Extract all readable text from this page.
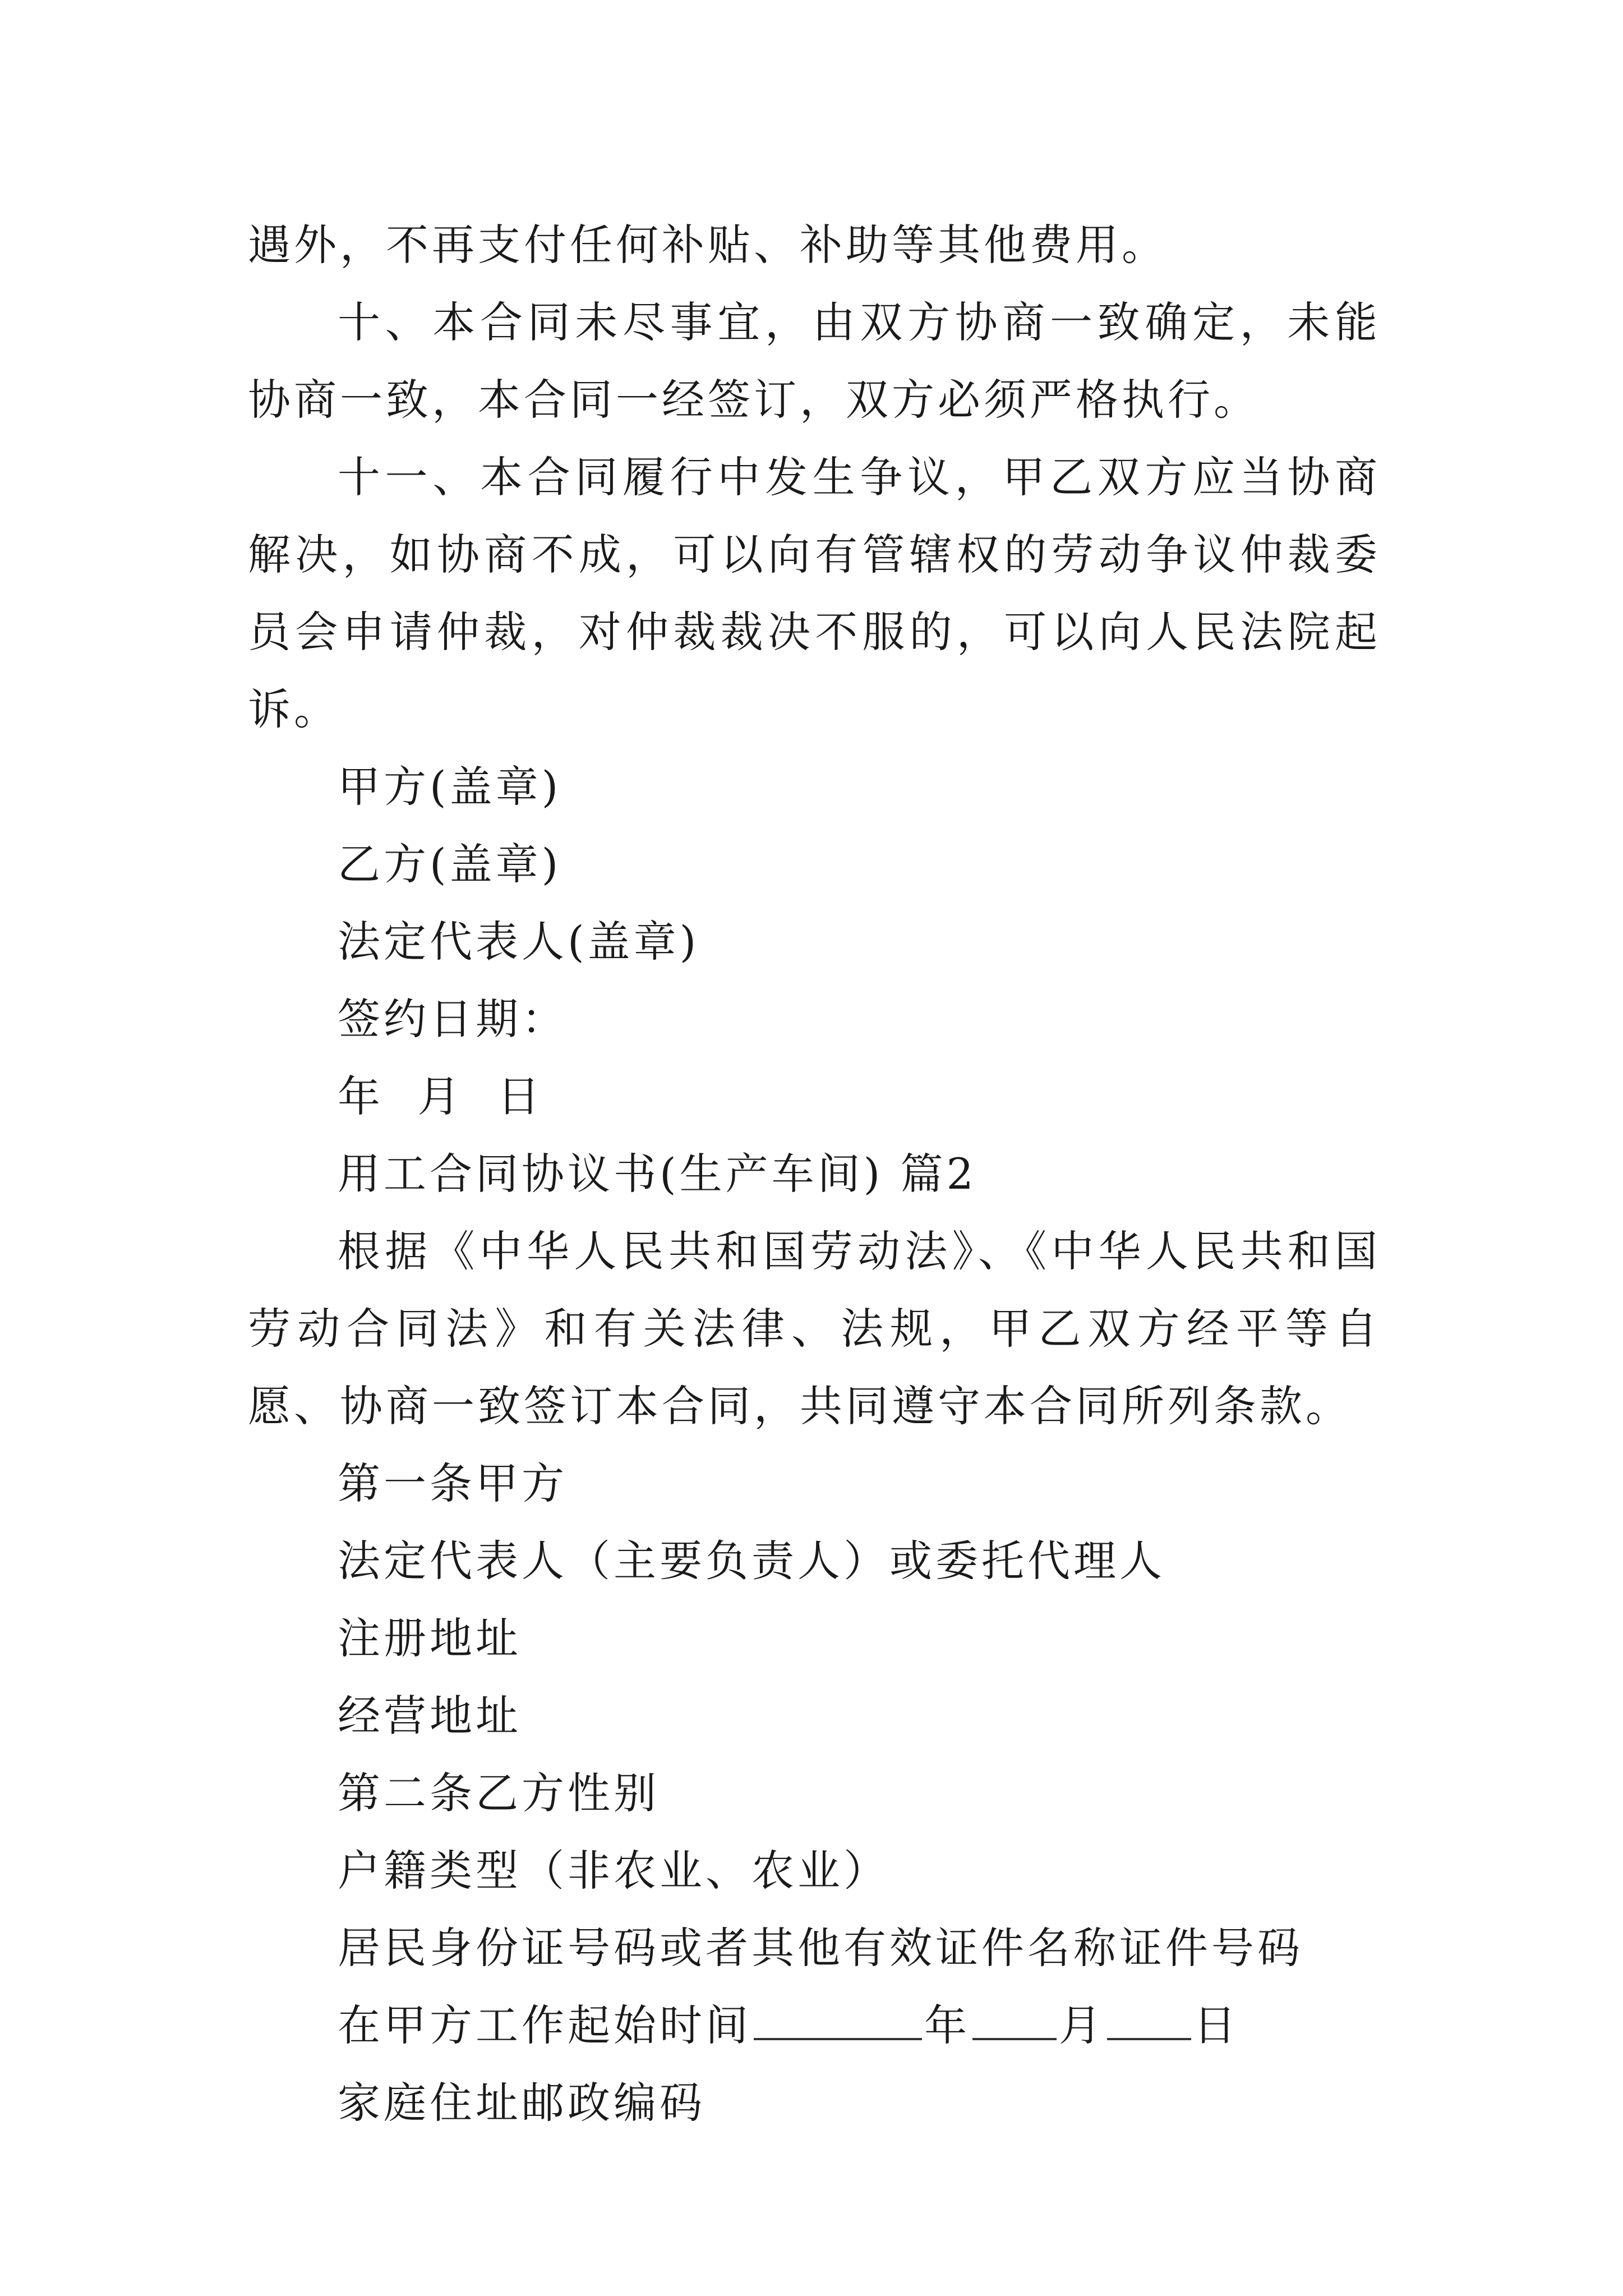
遇外，不再支付任何补贴、补助等其他费用。

十、本合同未尽事宜，由双方协商一致确定，未能协商一致，本合同一经签订，双方必须严格执行。

十一、本合同履行中发生争议，甲乙双方应当协商解决，如协商不成，可以向有管辖权的劳动争议仲裁委员会申请仲裁，对仲裁裁决不服的，可以向人民法院起诉。

甲方(盖章)

乙方(盖章)

法定代表人(盖章)

签约日期：

年  月  日

用工合同协议书(生产车间) 篇2

根据《中华人民共和国劳动法》、《中华人民共和国劳动合同法》和有关法律、法规，甲乙双方经平等自愿、协商一致签订本合同，共同遵守本合同所列条款。

第一条甲方

法定代表人（主要负责人）或委托代理人

注册地址

经营地址

第二条乙方性别

户籍类型（非农业、农业）

居民身份证号码或者其他有效证件名称证件号码

在甲方工作起始时间	年 月 日

家庭住址邮政编码
